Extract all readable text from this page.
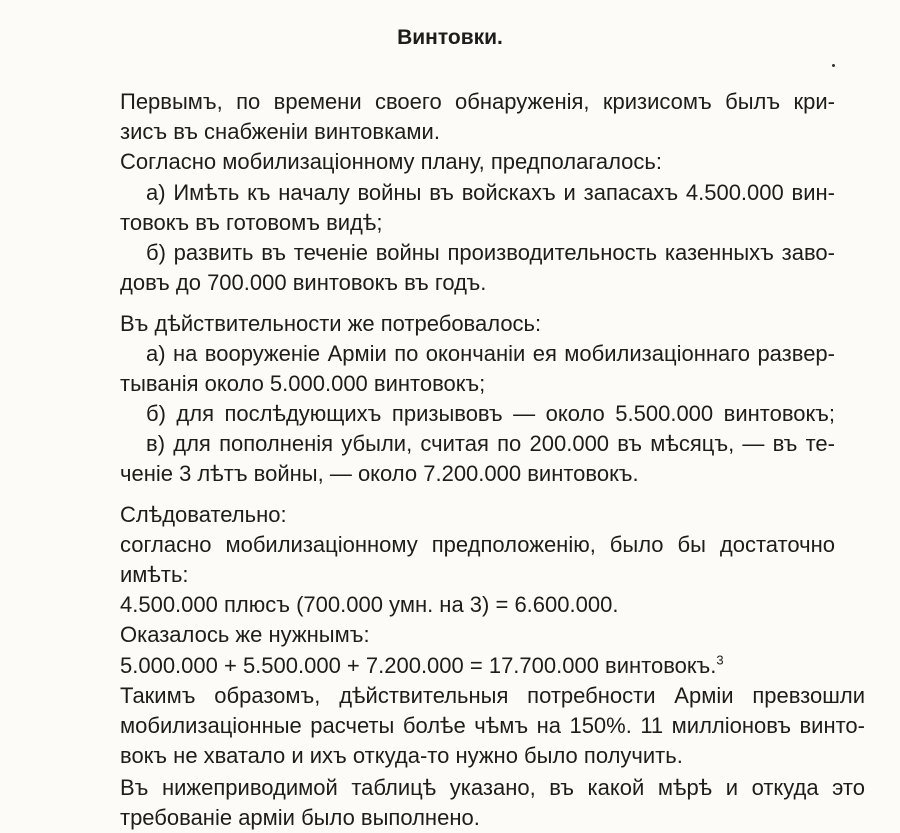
Винтовки.
Первымъ, по времени своего обнаруженія, кризисомъ былъ кри-
зисъ въ снабженіи винтовками.
Согласно мобилизаціонному плану, предполагалось:
а) Имѣть къ началу войны въ войскахъ и запасахъ 4.500.000 вин-
товокъ въ готовомъ видѣ;
б) развить въ теченіе войны производительность казенныхъ заво-
довъ до 700.000 винтовокъ въ годъ.
Въ дѣйствительности же потребовалось:
а) на вооруженіе Арміи по окончаніи ея мобилизаціоннаго развер-
тыванія около 5.000.000 винтовокъ;
б) для послѣдующихъ призывовъ — около 5.500.000 винтовокъ;
в) для пополненія убыли, считая по 200.000 въ мѣсяцъ, — въ те-
ченіе 3 лѣтъ войны, — около 7.200.000 винтовокъ.
Слѣдовательно:
согласно мобилизаціонному предположенію, было бы достаточно
имѣть:
4.500.000 плюсъ (700.000 умн. на 3) = 6.600.000.
Оказалось же нужнымъ:
5.000.000 + 5.500.000 + 7.200.000 = 17.700.000 винтовокъ.$^3$
Такимъ образомъ, дѣйствительныя потребности Арміи превзошли
мобилизаціонные расчеты болѣе чѣмъ на 150%. 11 милліоновъ винто-
вокъ не хватало и ихъ откуда-то нужно было получить.
Въ нижеприводимой таблицѣ указано, въ какой мѣрѣ и откуда это
требованіе арміи было выполнено.
